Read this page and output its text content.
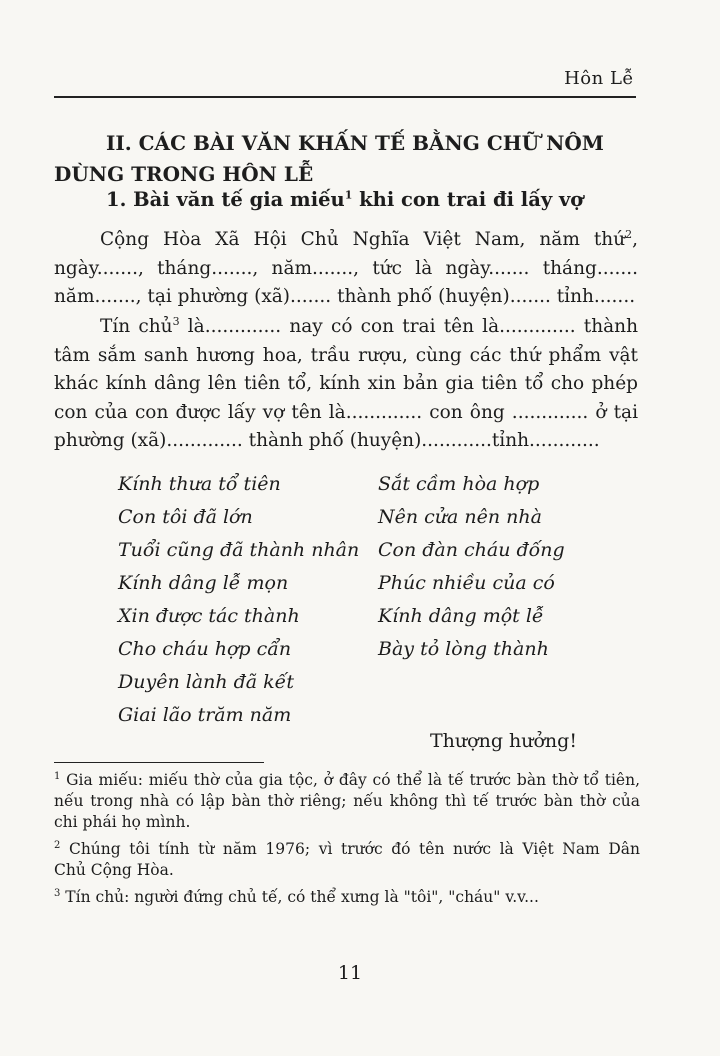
Hôn Lễ
II. CÁC BÀI VĂN KHẤN TẾ BẰNG CHỮ NÔM
DÙNG TRONG HÔN LỄ
1. Bài văn tế gia miếu$^1$ khi con trai đi lấy vợ

Cộng Hòa Xã Hội Chủ Nghĩa Việt Nam, năm thứ$^2$,
ngày......., tháng......., năm......., tức là ngày....... tháng.......
năm......., tại phường (xã)....... thành phố (huyện)....... tỉnh.......

Tín chủ$^3$ là............. nay có con trai tên là............. thành
tâm sắm sanh hương hoa, trầu rượu, cùng các thứ phẩm vật
khác kính dâng lên tiên tổ, kính xin bản gia tiên tổ cho phép
con của con được lấy vợ tên là............. con ông ............. ở tại
phường (xã)............. thành phố (huyện)............tỉnh............

Kính thưa tổ tiên
Con tôi đã lớn
Tuổi cũng đã thành nhân
Kính dâng lễ mọn
Xin được tác thành
Cho cháu hợp cẩn
Duyên lành đã kết
Giai lão trăm năm
Sắt cầm hòa hợp
Nên cửa nên nhà
Con đàn cháu đống
Phúc nhiều của có
Kính dâng một lễ
Bày tỏ lòng thành
Thượng hưởng!

$^1$ Gia miếu: miếu thờ của gia tộc, ở đây có thể là tế trước bàn thờ tổ tiên,
nếu trong nhà có lập bàn thờ riêng; nếu không thì tế trước bàn thờ của
chi phái họ mình.

$^2$ Chúng tôi tính từ năm 1976; vì trước đó tên nước là Việt Nam Dân
Chủ Cộng Hòa.

$^3$ Tín chủ: người đứng chủ tế, có thể xưng là "tôi", "cháu" v.v...

11
